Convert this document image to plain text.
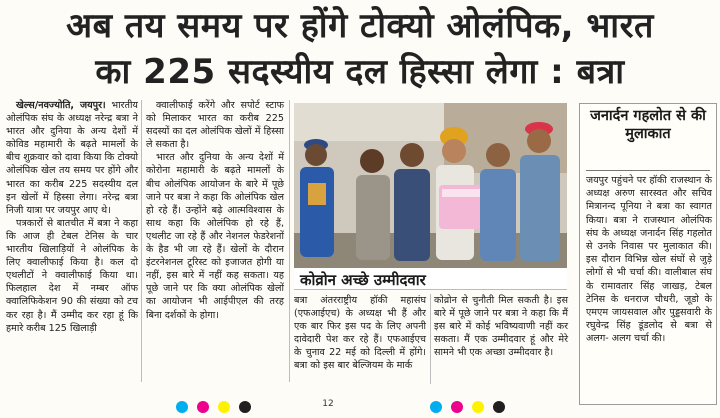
अब तय समय पर होंगे टोक्यो ओलंपिक, भारत
का 225 सदस्यीय दल हिस्सा लेगा : बत्रा

खेल्स/नवज्योति, जयपुर। भारतीय ओलंपिक संघ के अध्यक्ष नरेन्द्र बत्रा ने भारत और दुनिया के अन्य देशों में कोविड महामारी के बढ़ते मामलों के बीच शुक्रवार को दावा किया कि टोक्यो ओलंपिक खेल तय समय पर होंगे और भारत का करीब 225 सदस्यीय दल इन खेलों में हिस्सा लेगा। नरेन्द्र बत्रा निजी यात्रा पर जयपुर आए थे।

पत्रकारों से बातचीत में बत्रा ने कहा कि आज ही टेबल टेनिस के चार भारतीय खिलाड़ियों ने ओलंपिक के लिए क्वालीफाई किया है। कल दो एथलीटों ने क्वालीफाई किया था। फिलहाल देश में नम्बर ऑफ क्वालिफिकेशन 90 की संख्या को टच कर रहा है। मैं उम्मीद कर रहा हूं कि हमारे करीब 125 खिलाड़ी

क्वालीफाई करेंगे और सपोर्ट स्टाफ को मिलाकर भारत का करीब 225 सदस्यों का दल ओलंपिक खेलों में हिस्सा ले सकता है।

भारत और दुनिया के अन्य देशों में कोरोना महामारी के बढ़ते मामलों के बीच ओलंपिक आयोजन के बारे में पूछे जाने पर बत्रा ने कहा कि ओलंपिक खेल हो रहे हैं। उन्होंने बढ़े आत्मविश्वास के साथ कहा कि ओलंपिक हो रहे हैं, एथलीट जा रहे हैं और नेशनल फेडरेशनों के हैड भी जा रहे हैं। खेलों के दौरान इंटरनेशनल टूरिस्ट को इजाजत होगी या नहीं, इस बारे में नहीं कह सकता। यह पूछे जाने पर कि क्या ओलंपिक खेलों का आयोजन भी आईपीएल की तरह बिना दर्शकों के होगा।

कोव्रोन अच्छे उम्मीदवार

बत्रा अंतरराष्ट्रीय हॉकी महासंघ (एफआईएच) के अध्यक्ष भी हैं और एक बार फिर इस पद के लिए अपनी दावेदारी पेश कर रहे हैं। एफआईएच के चुनाव 22 मई को दिल्ली में होंगे। बत्रा को इस बार बेल्जियम के मार्क

कोव्रोन से चुनौती मिल सकती है। इस बारे में पूछे जाने पर बत्रा ने कहा कि मैं इस बारे में कोई भविष्यवाणी नहीं कर सकता। मैं एक उम्मीदवार हूं और मेरे सामने भी एक अच्छा उम्मीदवार है।

जनार्दन गहलोत से की मुलाकात
जयपुर पहुंचने पर हॉकी राजस्थान के अध्यक्ष अरुण सारस्वत और सचिव मित्रानन्द पूनिया ने बत्रा का स्वागत किया। बत्रा ने राजस्थान ओलंपिक संघ के अध्यक्ष जनार्दन सिंह गहलोत से उनके निवास पर मुलाकात की। इस दौरान विभिन्न खेल संघों से जुड़े लोगों से भी चर्चा की। वालीबाल संघ के रामावतार सिंह जाखड़, टेबल टेनिस के धनराज चौधरी, जूडो के एमएम जायसवाल और पुड्डसवारी के रघुवेन्द्र सिंह डूंडलोद से बत्रा से अलग- अलग चर्चा की।
12
